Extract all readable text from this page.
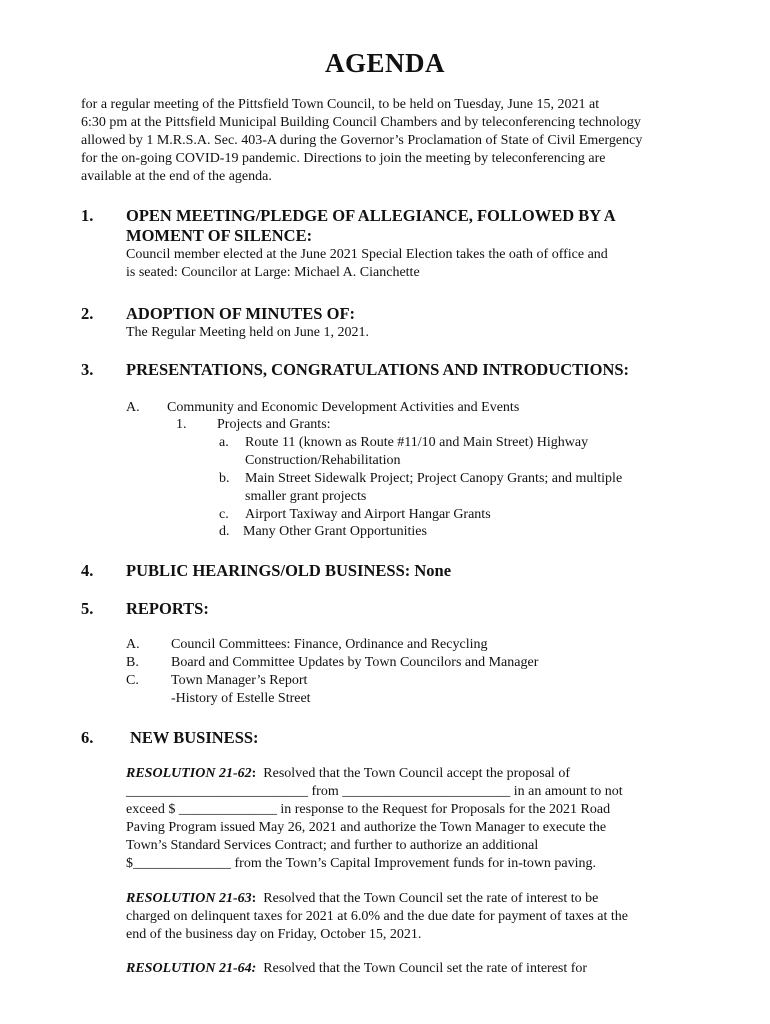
AGENDA
for a regular meeting of the Pittsfield Town Council, to be held on Tuesday, June 15, 2021 at
6:30 pm at the Pittsfield Municipal Building Council Chambers and by teleconferencing technology
allowed by 1 M.R.S.A. Sec. 403-A during the Governor’s Proclamation of State of Civil Emergency
for the on-going COVID-19 pandemic. Directions to join the meeting by teleconferencing are
available at the end of the agenda.
1. OPEN MEETING/PLEDGE OF ALLEGIANCE, FOLLOWED BY A
MOMENT OF SILENCE:
Council member elected at the June 2021 Special Election takes the oath of office and
is seated: Councilor at Large: Michael A. Cianchette
2. ADOPTION OF MINUTES OF:
The Regular Meeting held on June 1, 2021.
3. PRESENTATIONS, CONGRATULATIONS AND INTRODUCTIONS:
A. Community and Economic Development Activities and Events
1. Projects and Grants:
a. Route 11 (known as Route #11/10 and Main Street) Highway
Construction/Rehabilitation
b. Main Street Sidewalk Project; Project Canopy Grants; and multiple
smaller grant projects
c. Airport Taxiway and Airport Hangar Grants
d. Many Other Grant Opportunities
4. PUBLIC HEARINGS/OLD BUSINESS: None
5. REPORTS:
A. Council Committees: Finance, Ordinance and Recycling
B. Board and Committee Updates by Town Councilors and Manager
C. Town Manager’s Report
-History of Estelle Street
6. NEW BUSINESS:
RESOLUTION 21-62:  Resolved that the Town Council accept the proposal of
__________________________ from ________________________ in an amount to not
exceed $ ______________ in response to the Request for Proposals for the 2021 Road
Paving Program issued May 26, 2021 and authorize the Town Manager to execute the
Town’s Standard Services Contract; and further to authorize an additional
$______________ from the Town’s Capital Improvement funds for in-town paving.
RESOLUTION 21-63:  Resolved that the Town Council set the rate of interest to be
charged on delinquent taxes for 2021 at 6.0% and the due date for payment of taxes at the
end of the business day on Friday, October 15, 2021.
RESOLUTION 21-64:  Resolved that the Town Council set the rate of interest for
